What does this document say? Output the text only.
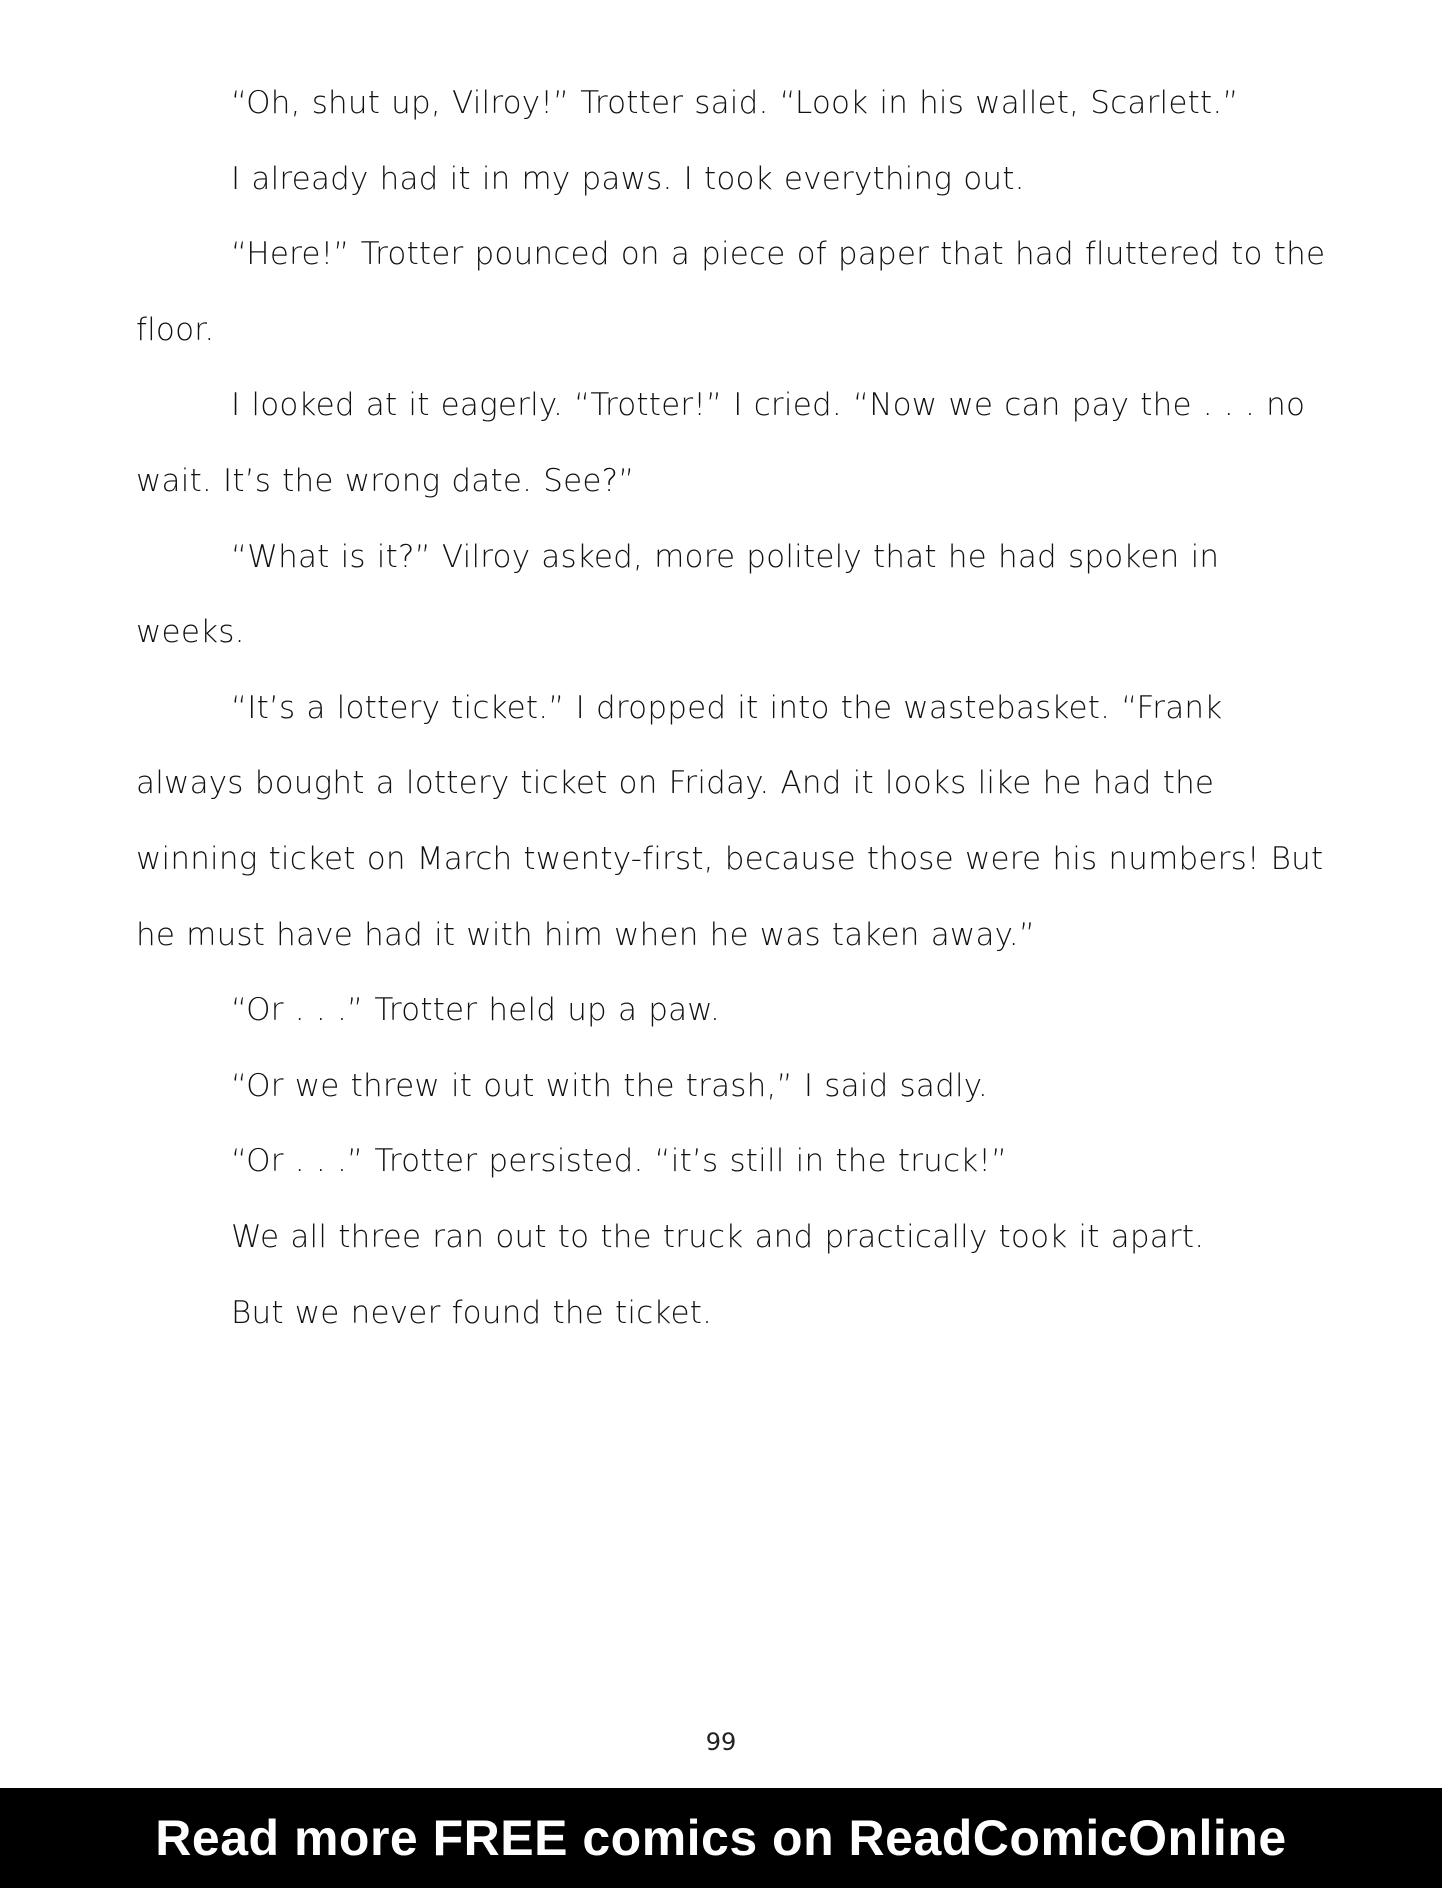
“Oh, shut up, Vilroy!” Trotter said. “Look in his wallet, Scarlett.”

I already had it in my paws. I took everything out.

“Here!” Trotter pounced on a piece of paper that had fluttered to the floor.

I looked at it eagerly. “Trotter!” I cried. “Now we can pay the . . . no wait. It’s the wrong date. See?”

“What is it?” Vilroy asked, more politely that he had spoken in weeks.

“It’s a lottery ticket.” I dropped it into the wastebasket. “Frank always bought a lottery ticket on Friday. And it looks like he had the winning ticket on March twenty-first, because those were his numbers! But he must have had it with him when he was taken away.”

“Or . . .” Trotter held up a paw.

“Or we threw it out with the trash,” I said sadly.

“Or . . .” Trotter persisted. “it’s still in the truck!”

We all three ran out to the truck and practically took it apart.

But we never found the ticket.

99
Read more FREE comics on ReadComicOnline
